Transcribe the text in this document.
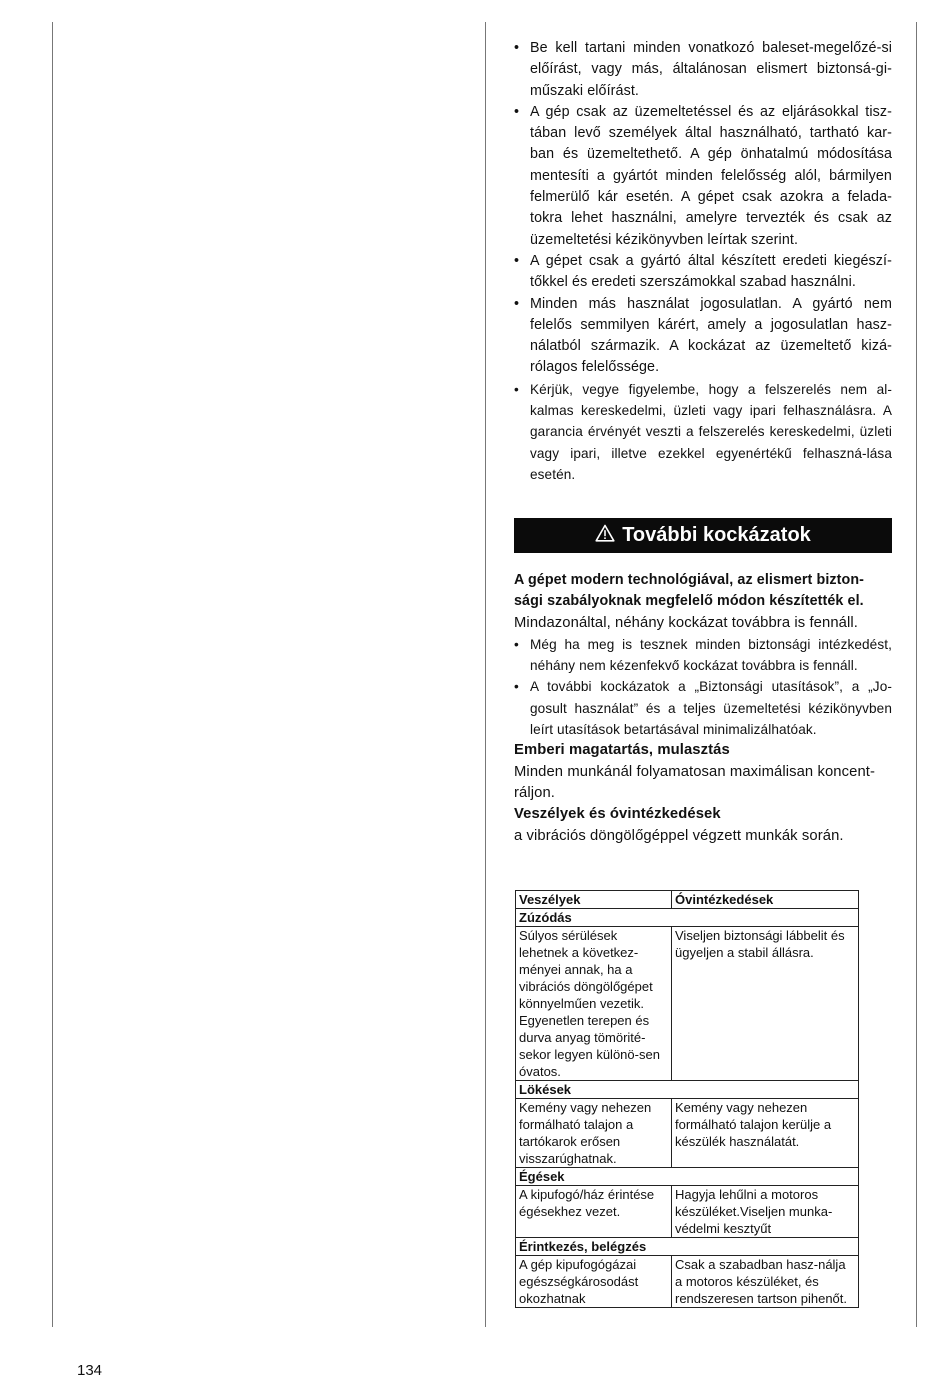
• Be kell tartani minden vonatkozó baleset-megelőzé-si előírást, vagy más, általánosan elismert biztonsá-gi-műszaki előírást.
• A gép csak az üzemeltetéssel és az eljárásokkal tisz-tában levő személyek által használható, tartható kar-ban és üzemeltethető. A gép önhatalmú módosítása mentesíti a gyártót minden felelősség alól, bármilyen felmerülő kár esetén. A gépet csak azokra a felada-tokra lehet használni, amelyre tervezték és csak az üzemeltetési kézikönyvben leírtak szerint.
• A gépet csak a gyártó által készített eredeti kiegészí-tőkkel és eredeti szerszámokkal szabad használni.
• Minden más használat jogosulatlan. A gyártó nem felelős semmilyen kárért, amely a jogosulatlan hasz-nálatból származik. A kockázat az üzemeltető kizá-rólagos felelőssége.
• Kérjük, vegye figyelembe, hogy a felszerelés nem al-kalmas kereskedelmi, üzleti vagy ipari felhasználásra. A garancia érvényét veszti a felszerelés kereskedelmi, üzleti vagy ipari, illetve ezekkel egyenértékű felhaszná-lása esetén.
További kockázatok

A gépet modern technológiával, az elismert bizton-sági szabályoknak megfelelő módon készítették el.

Mindazonáltal, néhány kockázat továbbra is fennáll.

• Még ha meg is tesznek minden biztonsági intézkedést, néhány nem kézenfekvő kockázat továbbra is fennáll.
• A további kockázatok a „Biztonsági utasítások”, a „Jo-gosult használat” és a teljes üzemeltetési kézikönyvben leírt utasítások betartásával minimalizálhatóak.

Emberi magatartás, mulasztás

Minden munkánál folyamatosan maximálisan koncent-ráljon.

Veszélyek és óvintézkedések

a vibrációs döngölőgéppel végzett munkák során.

Veszélyek	Óvintézkedések
Zúzódás	
Súlyos sérülések lehetnek a következ-ményei annak, ha a vibrációs döngölőgépet könnyelműen vezetik. Egyenetlen terepen és durva anyag tömörité-sekor legyen különö-sen óvatos.	Viseljen biztonsági lábbelit és ügyeljen a stabil állásra.
Lökések	
Kemény vagy nehezen formálható talajon a tartókarok erősen visszarúghatnak.	Kemény vagy nehezen formálható talajon kerülje a készülék használatát.
Égések	
A kipufogó/ház érintése égésekhez vezet.	Hagyja lehűlni a motoros készüléket.Viseljen munka-védelmi kesztyűt
Érintkezés, belégzés	
A gép kipufogógázai egészségkárosodást okozhatnak	Csak a szabadban hasz-nálja a motoros készüléket, és rendszeresen tartson pihenőt.
134
